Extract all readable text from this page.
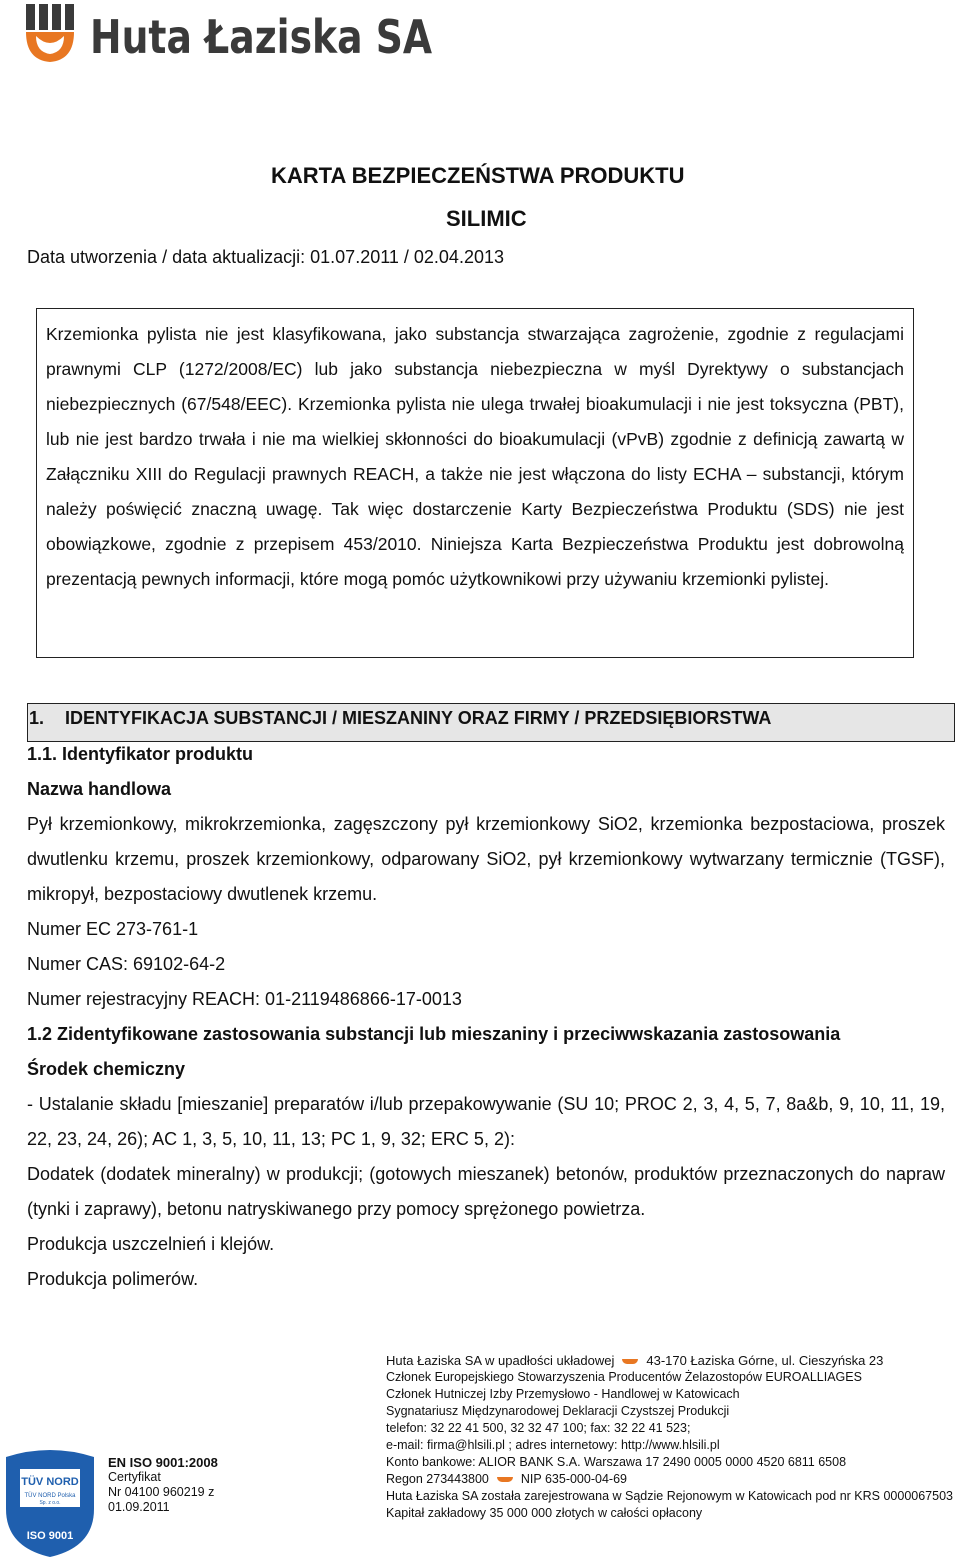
Huta Łaziska SA
KARTA BEZPIECZEŃSTWA PRODUKTU
SILIMIC
Data utworzenia / data aktualizacji: 01.07.2011 / 02.04.2013

Krzemionka pylista nie jest klasyfikowana, jako substancja stwarzająca zagrożenie, zgodnie z regulacjami prawnymi CLP (1272/2008/EC) lub jako substancja niebezpieczna w myśl Dyrektywy o substancjach niebezpiecznych (67/548/EEC). Krzemionka pylista nie ulega trwałej bioakumulacji i nie jest toksyczna (PBT), lub nie jest bardzo trwała i nie ma wielkiej skłonności do bioakumulacji (vPvB) zgodnie z definicją zawartą w Załączniku XIII do Regulacji prawnych REACH, a także nie jest włączona do listy ECHA – substancji, którym należy poświęcić znaczną uwagę. Tak więc dostarczenie Karty Bezpieczeństwa Produktu (SDS) nie jest obowiązkowe, zgodnie z przepisem 453/2010. Niniejsza Karta Bezpieczeństwa Produktu jest dobrowolną prezentacją pewnych informacji, które mogą pomóc użytkownikowi przy używaniu krzemionki pylistej.

1. IDENTYFIKACJA SUBSTANCJI / MIESZANINY ORAZ FIRMY / PRZEDSIĘBIORSTWA

1.1. Identyfikator produktu

Nazwa handlowa

Pył krzemionkowy, mikrokrzemionka, zagęszczony pył krzemionkowy SiO2, krzemionka bezpostaciowa, proszek dwutlenku krzemu, proszek krzemionkowy, odparowany SiO2, pył krzemionkowy wytwarzany termicznie (TGSF), mikropył, bezpostaciowy dwutlenek krzemu.

Numer EC 273-761-1

Numer CAS: 69102-64-2

Numer rejestracyjny REACH: 01-2119486866-17-0013

1.2 Zidentyfikowane zastosowania substancji lub mieszaniny i przeciwwskazania zastosowania

Środek chemiczny

- Ustalanie składu [mieszanie] preparatów i/lub przepakowywanie (SU 10; PROC 2, 3, 4, 5, 7, 8a&b, 9, 10, 11, 19, 22, 23, 24, 26); AC 1, 3, 5, 10, 11, 13; PC 1, 9, 32; ERC 5, 2):

Dodatek (dodatek mineralny) w produkcji; (gotowych mieszanek) betonów, produktów przeznaczonych do napraw (tynki i zaprawy), betonu natryskiwanego przy pomocy sprężonego powietrza.

Produkcja uszczelnień i klejów.

Produkcja polimerów.

Huta Łaziska SA w upadłości układowej 43-170 Łaziska Górne, ul. Cieszyńska 23
Członek Europejskiego Stowarzyszenia Producentów Żelazostopów EUROALLIAGES
Członek Hutniczej Izby Przemysłowo - Handlowej w Katowicach
Sygnatariusz Międzynarodowej Deklaracji Czystszej Produkcji
telefon: 32 22 41 500, 32 32 47 100; fax: 32 22 41 523;
e-mail: firma@hlsili.pl ; adres internetowy: http://www.hlsili.pl
Konto bankowe: ALIOR BANK S.A. Warszawa 17 2490 0005 0000 4520 6811 6508
Regon 273443800	NIP 635-000-04-69
Huta Łaziska SA została zarejestrowana w Sądzie Rejonowym w Katowicach pod nr KRS 0000067503
Kapitał zakładowy 35 000 000 złotych w całości opłacony
TÜV NORD
TÜV NORD Polska
Sp. z o.o.
ISO 9001
EN ISO 9001:2008
Certyfikat
Nr 04100 960219 z
01.09.2011
